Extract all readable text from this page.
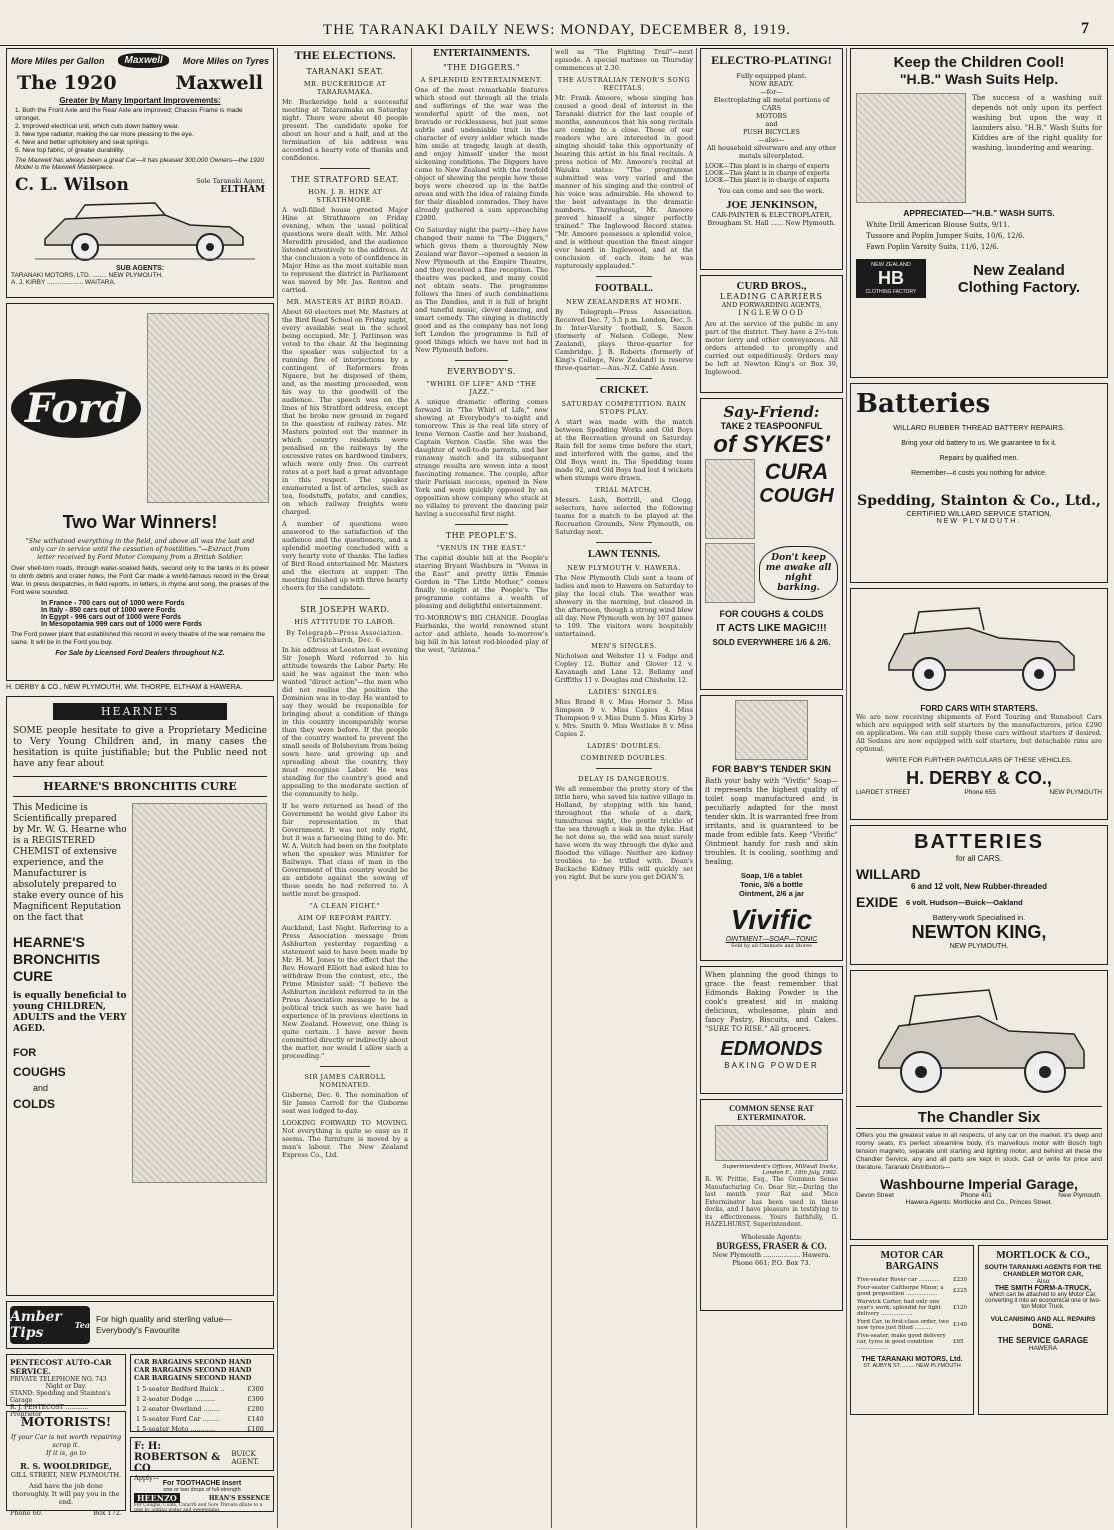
THE TARANAKI DAILY NEWS: MONDAY, DECEMBER 8, 1919.	7
More Miles per Gallon	Maxwell	More Miles on Tyres
The 1920	Maxwell
Greater by Many Important Improvements:
1. Both the Front Axle and the Rear Axle are improved; Chassis Frame is made stronger.
2. Improved electrical unit, which cuts down battery wear.
3. New type radiator, making the car more pleasing to the eye.
4. New and better upholstery and seat springs.
5. New top fabric, of greater durability.
The Maxwell has always been a great Car—it has pleased 300,000 Owners—the 1920 Model is the Maxwell Masterpiece.
C. L. Wilson	Sole Taranaki Agent,
ELTHAM
SUB AGENTS:
TARANAKI MOTORS, LTD. ........ NEW PLYMOUTH.
A. J. KIRBY .................... WAITARA.
Ford
Two War Winners!
"She withstood everything in the field, and above all was the last and only car in service until the cessation of hostilities."—Extract from letter received by Ford Motor Company from a British Soldier.
Over shell-torn roads, through water-soaked fields, second only to the tanks in its power to climb debris and crater holes, the Ford Car made a world-famous record in the Great War. In press despatches, in field reports, in letters, in rhyme and song, the praises of the Ford were sounded.
In France - 700 cars out of 1000 were Fords
In Italy - 850 cars out of 1000 were Fords
In Egypt - 996 cars out of 1000 were Fords
In Mesopotamia 999 cars out of 1000 were Fords
The Ford power plant that established this record in every theatre of the war remains the same. It will be in the Ford you buy.
For Sale by Licensed Ford Dealers throughout N.Z.
H. DERBY & CO., NEW PLYMOUTH, WM. THORPE, ELTHAM & HAWERA.
HEARNE'S
SOME people hesitate to give a Proprietary Medicine to Very Young Children and, in many cases the hesitation is quite justifiable; but the Public need not have any fear about
HEARNE'S BRONCHITIS CURE
This Medicine is Scientifically prepared by Mr. W. G. Hearne who is a REGISTERED CHEMIST of extensive experience, and the Manufacturer is absolutely prepared to stake every ounce of his Magnificent Reputation on the fact that
HEARNE'S BRONCHITIS CURE
is equally beneficial to young CHILDREN, ADULTS and the VERY AGED.
FOR
COUGHS
and
COLDS
Amber Tips	Tea
For high quality and sterling value—Everybody's Favourite
PENTECOST AUTO-CAR SERVICE.
PRIVATE TELEPHONE NO. 743
Night or Day.
STAND: Spedding and Stainton's Garage
R. J. PENTECOST ............ Proprietor
MOTORISTS!
If your Car is not worth repairing scrap it.
If it is, go to
R. S. WOOLDRIDGE,
GILL STREET, NEW PLYMOUTH.
And have the job done thoroughly. It will pay you in the end.
Phone 60.	Box 172.
CAR BARGAINS SECOND HAND
CAR BARGAINS SECOND HAND
CAR BARGAINS SECOND HAND
1 5-seater Bedford Buick ..	£300
1 2-seater Dodge ..........	£300
1 2-seater Overland ........	£200
1 5-seater Ford Car ........	£140
1 5-seater Moto ............	£100
F: H: ROBERTSON & CO
BUICK AGENT.
Apply—
For TOOTHACHE Insert
one or two drops of full-strength
HEENZO	HEAN'S ESSENCE
For Coughs, Colds, Catarrh and Sore Throats dilute to a pint by adding water and sweetening
THE ELECTIONS.
TARANAKI SEAT.
MR. BUCKERIDGE AT TARARAMAKA.
Mr. Buckeridge held a successful meeting at Tataraimaka on Saturday night. There were about 40 people present. The candidate spoke for about an hour and a half, and at the termination of his address was accorded a hearty vote of thanks and confidence.
THE STRATFORD SEAT.
HON. J. B. HINE AT STRATHMORE.
A well-filled house greeted Major Hine at Strathmore on Friday evening, when the usual political questions were dealt with. Mr. Athol Meredith presided, and the audience listened attentively to the address. At the conclusion a vote of confidence in Major Hine as the most suitable man to represent the district in Parliament was moved by Mr. Jas. Renton and carried.
MR. MASTERS AT BIRD ROAD.
About 60 electors met Mr. Masters at the Bird Road School on Friday night, every available seat in the school being occupied. Mr. J. Pattinson was voted to the chair. At the beginning the speaker was subjected to a running fire of interjections by a contingent of Reformers from Ngaere, but he disposed of them, and, as the meeting proceeded, won his way to the goodwill of the audience. The speech was on the lines of his Stratford address, except that he broke new ground in regard to the question of railway rates. Mr. Masters pointed out the manner in which country residents were penalised on the railways by the excessive rates on hardwood timbers, which were only free. On current rates at a port had a great advantage in this respect. The speaker enumerated a list of articles, such as tea, foodstuffs, potato, and candles, on which railway freights were charged.
A number of questions were answered to the satisfaction of the audience and the questioners, and a splendid meeting concluded with a very hearty vote of thanks. The ladies of Bird Road entertained Mr. Masters and the electors at supper. The meeting finished up with three hearty cheers for the candidate.
SIR JOSEPH WARD.
HIS ATTITUDE TO LABOR.
By Telegraph—Press Association. Christchurch, Dec. 6.
In his address at Leeston last evening Sir Joseph Ward referred to his attitude towards the Labor Party. He said he was against the men who wanted "direct action"—the men who did not realise the position the Dominion was in to-day. He wanted to say they would be responsible for bringing about a condition of things in this country incomparably worse than they were before. If the people of the country wanted to prevent the small seeds of Bolshevism from being sown here and growing up and spreading about the country, they must recognise Labor. He was standing for the country's good and appealing to the moderate section of the community to help.
If he were returned as head of the Government he would give Labor its fair representation in that Government. It was not only right, but it was a farseeing thing to do. Mr. W. A. Veitch had been on the footplate when the speaker was Minister for Railways. That class of man in the Government of this country would be an antidote against the sowing of those seeds he had referred to. A nettle must be grasped.
"A CLEAN FIGHT."
AIM OF REFORM PARTY.
Auckland, Last Night. Referring to a Press Association message from Ashburton yesterday regarding a statement said to have been made by Mr. H. M. Jones to the effect that the Rev. Howard Elliott had asked him to withdraw from the contest, etc., the Prime Minister said: "I believe the Ashburton incident referred to in the Press Association message to be a political trick such as we have had experience of in previous elections in New Zealand. However, one thing is quite certain. I have never been committed directly or indirectly about the matter, nor would I allow such a proceeding."
SIR JAMES CARROLL NOMINATED.
Gisborne, Dec. 6. The nomination of Sir James Carroll for the Gisborne seat was lodged to-day.
LOOKING FORWARD TO MOVING. Not everything is quite so easy as it seems. The furniture is moved by a man's labour. The New Zealand Express Co., Ltd.
ENTERTAINMENTS.
"THE DIGGERS."
A SPLENDID ENTERTAINMENT.
One of the most remarkable features which stood out through all the trials and sufferings of the war was the wonderful spirit of the men, not bravado or recklessness, but just some subtle and undeniable trait in the character of every soldier which made him smile at tragedy, laugh at death, and enjoy himself under the most sickening conditions. The Diggers have come to New Zealand with the twofold object of showing the people how these boys were cheered up in the battle areas and with the idea of raising funds for their disabled comrades. They have already gathered a sum approaching £2000.
On Saturday night the party—they have changed their name to "The Diggers," which gives them a thoroughly New Zealand war flavor—opened a season in New Plymouth at the Empire Theatre, and they received a fine reception. The theatre was packed, and many could not obtain seats. The programme follows the lines of such combinations as The Dandies, and it is full of bright and tuneful music, clever dancing, and smart comedy. The singing is distinctly good and as the company has not long left London the programme is full of good things which we have not had in New Plymouth before.
EVERYBODY'S.
"WHIRL OF LIFE" AND "THE JAZZ."
A unique dramatic offering comes forward in "The Whirl of Life," now showing at Everybody's to-night and tomorrow. This is the real life story of Irene Vernon Castle and her husband, Captain Vernon Castle. She was the daughter of well-to-do parents, and her runaway match and its subsequent strange results are woven into a most fascinating romance. The couple, after their Parisian success, opened in New York and were quickly opposed by an opposition show company who stuck at no villainy to prevent the dancing pair having a successful first night.
THE PEOPLE'S.
"VENUS IN THE EAST."
The capital double bill at the People's starring Bryant Washburn in "Venus in the East" and pretty little Emmie Gordon in "The Little Mother," comes finally to-night at the People's. The programme contains a wealth of pleasing and delightful entertainment.
TO-MORROW'S BIG CHANGE. Douglas Fairbanks, the world renowned stunt actor and athlete, heads to-morrow's big bill in his latest red-blooded play of the west, "Arizona."
well as "The Fighting Trail"—next episode. A special matinee on Thursday commences at 2.30.
THE AUSTRALIAN TENOR'S SONG RECITALS.
Mr. Frank Amoore, whose singing has caused a good deal of interest in the Taranaki district for the last couple of months, announces that his song recitals are coming to a close. Those of our readers who are interested in good singing should take this opportunity of hearing this artist in his final recitals. A press notice of Mr. Amoore's recital at Waiuku states: "The programme submitted was very varied and the manner of his singing and the control of his voice was admirable. He showed to the best advantage in the dramatic numbers. Throughout, Mr. Amoore proved himself a singer perfectly trained." The Inglewood Record states: "Mr. Amoore possesses a splendid voice, and is without question the finest singer ever heard in Inglewood, and at the conclusion of each item he was rapturously applauded."
FOOTBALL.
NEW ZEALANDERS AT HOME.
By Telegraph—Press Association. Received Dec. 7, 5.5 p.m. London, Dec. 5. In Inter-Varsity football, S. Saxon (formerly of Nelson College, New Zealand), plays three-quarter for Cambridge. J. B. Roberts (formerly of King's College, New Zealand) is reserve three-quarter.—Aus.-N.Z. Cable Assn.
CRICKET.
SATURDAY COMPETITION. RAIN STOPS PLAY.
A start was made with the match between Spedding Works and Old Boys at the Recreation ground on Saturday. Rain fell for some time before the start, and interfered with the game, and the Old Boys went in. The Spedding team made 92, and Old Boys had lost 4 wickets when stumps were drawn.
TRIAL MATCH.
Messrs. Lash, Bottrill, and Clegg, selectors, have selected the following teams for a match to be played at the Recreation Grounds, New Plymouth, on Saturday next.
LAWN TENNIS.
NEW PLYMOUTH V. HAWERA.
The New Plymouth Club sent a team of ladies and men to Hawera on Saturday to play the local club. The weather was showery in the morning, but cleared in the afternoon, though a strong wind blew all day. New Plymouth won by 107 games to 109. The visitors were hospitably entertained.
MEN'S SINGLES.
Nicholson and Webster 11 v. Fodge and Copley 12. Bulter and Glover 12 v. Kavanagh and Lane 12. Bellamy and Griffiths 11 v. Douglas and Chisholm 12.
LADIES' SINGLES.
Miss Brand 8 v. Miss Horner 5. Miss Simpson 9 v. Miss Capies 4. Miss Thompson 9 v. Miss Dunn 5. Miss Kirby 3 v. Mrs. Smith 9. Miss Westlake 8 v. Miss Capies 2.
LADIES' DOUBLES.
COMBINED DOUBLES.
DELAY IS DANGEROUS.
We all remember the pretty story of the little hero, who saved his native village in Holland, by stopping with his hand, throughout the whole of a dark, tumultuous night, the gentle trickle of the sea through a leak in the dyke. Had he not done so, the wild sea must surely have worn its way through the dyke and flooded the village. Neither are kidney troubles to be trifled with. Doan's Backache Kidney Pills will quickly set you right. But be sure you get DOAN'S.
ELECTRO-PLATING!
Fully equipped plant.
NOW READY.
—for—
Electroplating all metal portions of
CARS
MOTORS
and
PUSH BICYCLES
—also—
All household silverware and any other metals silverplated.
LOOK—This plant is in charge of experts
LOOK—This plant is in charge of experts
LOOK—This plant is in charge of experts
You can come and see the work.
JOE JENKINSON,
CAR-PAINTER & ELECTROPLATER,
Brougham St. Hall ...... New Plymouth.
CURD BROS.,
LEADING CARRIERS
AND FORWARDING AGENTS,
INGLEWOOD
Are at the service of the public in any part of the district. They have a 2½-ton motor lorry and other conveyances. All orders attended to promptly and carried out expeditiously. Orders may be left at Newton King's or Box 39, Inglewood.
Say-Friend:
TAKE 2 TEASPOONFUL
of SYKES'
CURA
COUGH
Don't keep me awake all night barking.
FOR COUGHS & COLDS
IT ACTS LIKE MAGIC!!!
SOLD EVERYWHERE 1/6 & 2/6.
FOR BABY'S TENDER SKIN
Bath your baby with "Vivific" Soap—it represents the highest quality of toilet soap manufactured and is peculiarly adapted for the most tender skin. It is warranted free from irritants, and is guaranteed to be made from edible fats. Keep "Vivific" Ointment handy for rash and skin troubles. It is cooling, soothing and healing.
Soap, 1/6 a tablet
Tonic, 3/6 a bottle
Ointment, 2/6 a jar
Vivific
OINTMENT—SOAP—TONIC
Sold by all Chemists and Stores
When planning the good things to grace the feast remember that Edmonds Baking Powder is the cook's greatest aid in making delicious, wholesome, plain and fancy Pastry, Biscuits, and Cakes. "SURE TO RISE." All grocers.
EDMONDS
BAKING POWDER
COMMON SENSE RAT EXTERMINATOR.
Superintendent's Offices, Millwall Docks, London E., 18th July, 1902.
R. W. Prittie, Esq., The Common Sense Manufacturing Co. Dear Sir,—During the last month your Rat and Mice Exterminator has been used in these docks, and I have pleasure in testifying to its effectiveness. Yours faithfully, G. HAZELHURST, Superintendent.
Wholesale Agents:
BURGESS, FRASER & CO.
New Plymouth .................. Hawera.
Phone 661; P.O. Box 73.
Keep the Children Cool!
"H.B." Wash Suits Help.
The success of a washing suit depends not only upon its perfect washing but upon the way it launders also. "H.B." Wash Suits for Kiddies are of the right quality for washing, laundering and wearing.
APPRECIATED—"H.B." WASH SUITS.
White Drill American Blouse Suits, 9/11.
Tussore and Poplin Jumper Suits, 10/6, 12/6.
Fawn Poplin Varsity Suits, 11/6, 12/6.
NEW ZEALAND
HB
CLOTHING FACTORY
New Zealand
Clothing Factory.
Batteries
WILLARD RUBBER THREAD BATTERY REPAIRS.
Bring your old battery to us. We guarantee to fix it.
Repairs by qualified men.
Remember—it costs you nothing for advice.
Spedding, Stainton & Co., Ltd.,
CERTIFIED WILLARD SERVICE STATION,
NEW PLYMOUTH.
FORD CARS WITH STARTERS.
We are now receiving shipments of Ford Touring and Runabout Cars which are equipped with self starters by the manufacturers, price £290 on application. We can still supply these cars without starters if desired. All Sedans are now equipped with self starters, but detachable rims are optional.
WRITE FOR FURTHER PARTICULARS OF THESE VEHICLES.
H. DERBY & CO.,
LIARDET STREET	Phone 655	NEW PLYMOUTH
BATTERIES
for all CARS.
WILLARD
6 and 12 volt, New Rubber-threaded
EXIDE 6 volt. Hudson—Buick—Oakland
Battery-work Specialised in.
NEWTON KING,
NEW PLYMOUTH.
The Chandler Six
Offers you the greatest value in all respects, of any car on the market. It's deep and roomy seats, it's perfect streamline body, it's marvellous motor with Bosch high tension magneto, separate unit starting and lighting motor, and behind all these the Chandler Service, any and all parts are kept in stock. Call or write for price and literature. Taranaki Distributors—
Washbourne Imperial Garage,
Devon Street	Phone 401	New Plymouth.
Hawera Agents: Mortlocke and Co., Princes Street.
MOTOR CAR BARGAINS
Five-seater Rover car ............	£230
Four-seater Calthorpe Minor, a good proposition ..................	£225
Warwick Carter, had only one year's work; splendid for light delivery ..................	£120
Ford Car, in first-class order, two new tyres just fitted ..........	£140
Five-seater, make good delivery car, tyres in good condition ..................	£85
THE TARANAKI MOTORS, Ltd.
ST. AUBYN ST. ........ NEW PLYMOUTH
MORTLOCK & CO.,
SOUTH TARANAKI AGENTS FOR THE CHANDLER MOTOR CAR,
Also
THE SMITH FORM-A-TRUCK,
which can be attached to any Motor Car, converting it into an economical one or two-ton Motor Truck.
VULCANISING AND ALL REPAIRS DONE.
THE SERVICE GARAGE
HAWERA
